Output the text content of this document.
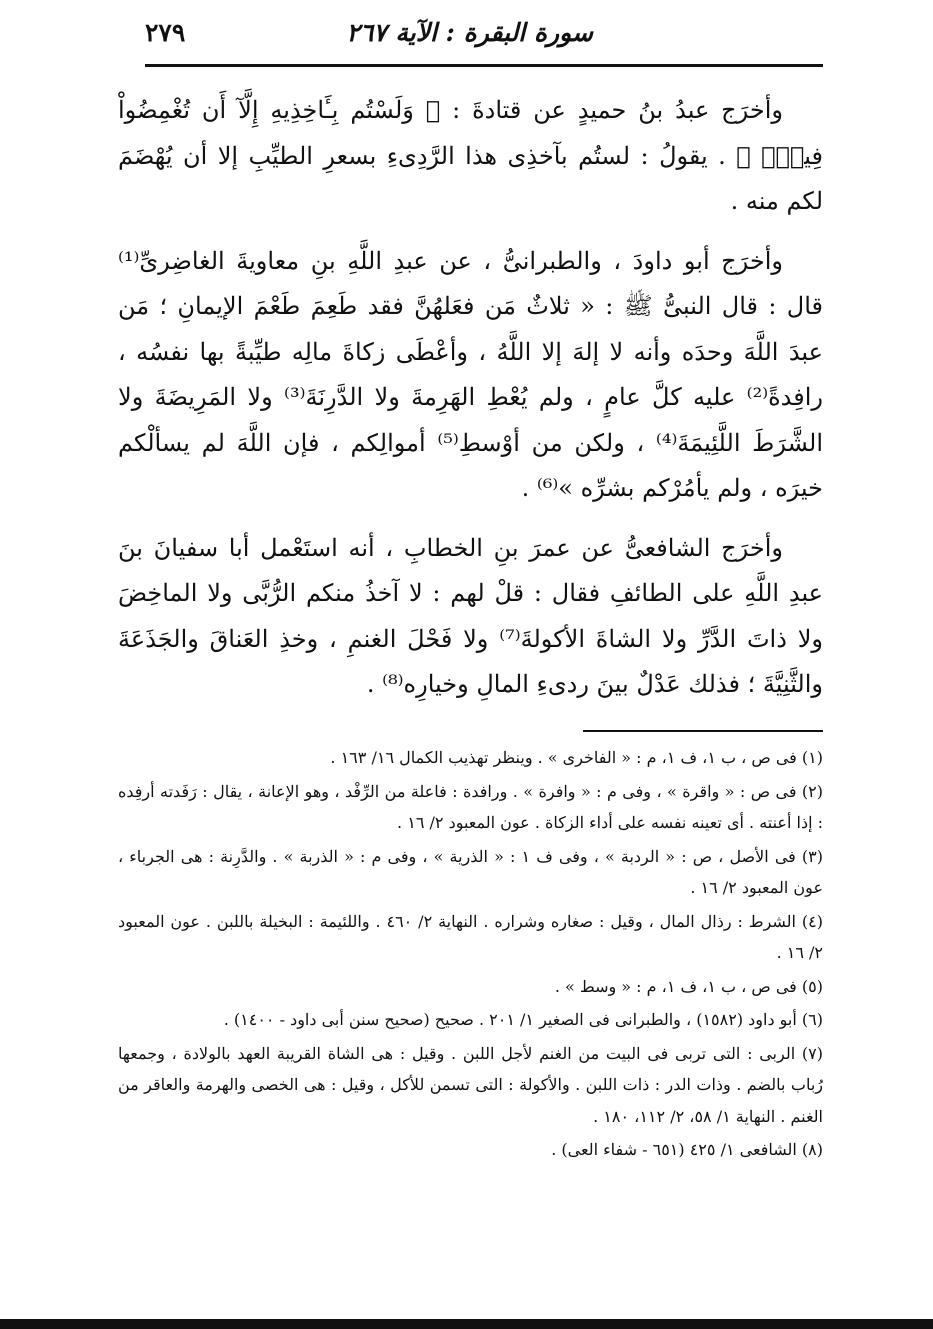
سورة البقرة : الآية ٢٦٧
٢٧٩

وأخرَج عبدُ بنُ حميدٍ عن قتادةَ : ﴿ وَلَسْتُم بِـَٔاخِذِيهِ إِلَّآ أَن تُغْمِضُواْ فِيهِۚ ﴾ . يقولُ : لستُم بآخذِى هذا الرَّدِىءِ بسعرِ الطيِّبِ إلا أن يُهْضَمَ لكم منه .

وأخرَج أبو داودَ ، والطبرانىُّ ، عن عبدِ اللَّهِ بنِ معاويةَ الغاضِرىِّ⁽¹⁾ قال : قال النبىُّ ﷺ : « ثلاثٌ مَن فعَلهُنَّ فقد طَعِمَ طَعْمَ الإيمانِ ؛ مَن عبدَ اللَّهَ وحدَه وأنه لا إلهَ إلا اللَّهُ ، وأعْطَى زكاةَ مالِه طيِّبةً بها نفسُه ، رافِدةً⁽²⁾ عليه كلَّ عامٍ ، ولم يُعْطِ الهَرِمةَ ولا الدَّرِنَةَ⁽³⁾ ولا المَرِيضَةَ ولا الشَّرَطَ اللَّئِيمَةَ⁽⁴⁾ ، ولكن من أوْسطِ⁽⁵⁾ أموالِكم ، فإن اللَّهَ لم يسألْكم خيرَه ، ولم يأمُرْكم بشرِّه »⁽⁶⁾ .

وأخرَج الشافعىُّ عن عمرَ بنِ الخطابِ ، أنه استَعْمل أبا سفيانَ بنَ عبدِ اللَّهِ على الطائفِ فقال : قلْ لهم : لا آخذُ منكم الرُّبَّى ولا الماخِضَ ولا ذاتَ الدَّرِّ ولا الشاةَ الأكولةَ⁽⁷⁾ ولا فَحْلَ الغنمِ ، وخذِ العَناقَ والجَذَعَةَ والثَّنِيَّةَ ؛ فذلك عَدْلٌ بينَ ردىءِ المالِ وخيارِه⁽⁸⁾ .

(١) فى ص ، ب ١، ف ١، م : « الفاخرى » . وينظر تهذيب الكمال ١٦/ ١٦٣ .

(٢) فى ص : « واقرة » ، وفى م : « وافرة » . ورافدة : فاعلة من الرِّفْد ، وهو الإعانة ، يقال : رَفَدته أرفِده : إذا أعنته . أى تعينه نفسه على أداء الزكاة . عون المعبود ٢/ ١٦ .

(٣) فى الأصل ، ص : « الردبة » ، وفى ف ١ : « الذرية » ، وفى م : « الذربة » . والدَّرِنة : هى الجرباء ، عون المعبود ٢/ ١٦ .

(٤) الشرط : رذال المال ، وقيل : صغاره وشراره . النهاية ٢/ ٤٦٠ . واللئيمة : البخيلة باللبن . عون المعبود ٢/ ١٦ .

(٥) فى ص ، ب ١، ف ١، م : « وسط » .

(٦) أبو داود (١٥٨٢) ، والطبرانى فى الصغير ١/ ٢٠١ . صحيح (صحيح سنن أبى داود - ١٤٠٠) .

(٧) الربى : التى تربى فى البيت من الغنم لأجل اللبن . وقيل : هى الشاة القريبة العهد بالولادة ، وجمعها رُباب بالضم . وذات الدر : ذات اللبن . والأكولة : التى تسمن للأكل ، وقيل : هى الخصى والهرمة والعاقر من الغنم . النهاية ١/ ٥٨، ٢/ ١١٢، ١٨٠ .

(٨) الشافعى ١/ ٤٢٥ (٦٥١ - شفاء العى) .
